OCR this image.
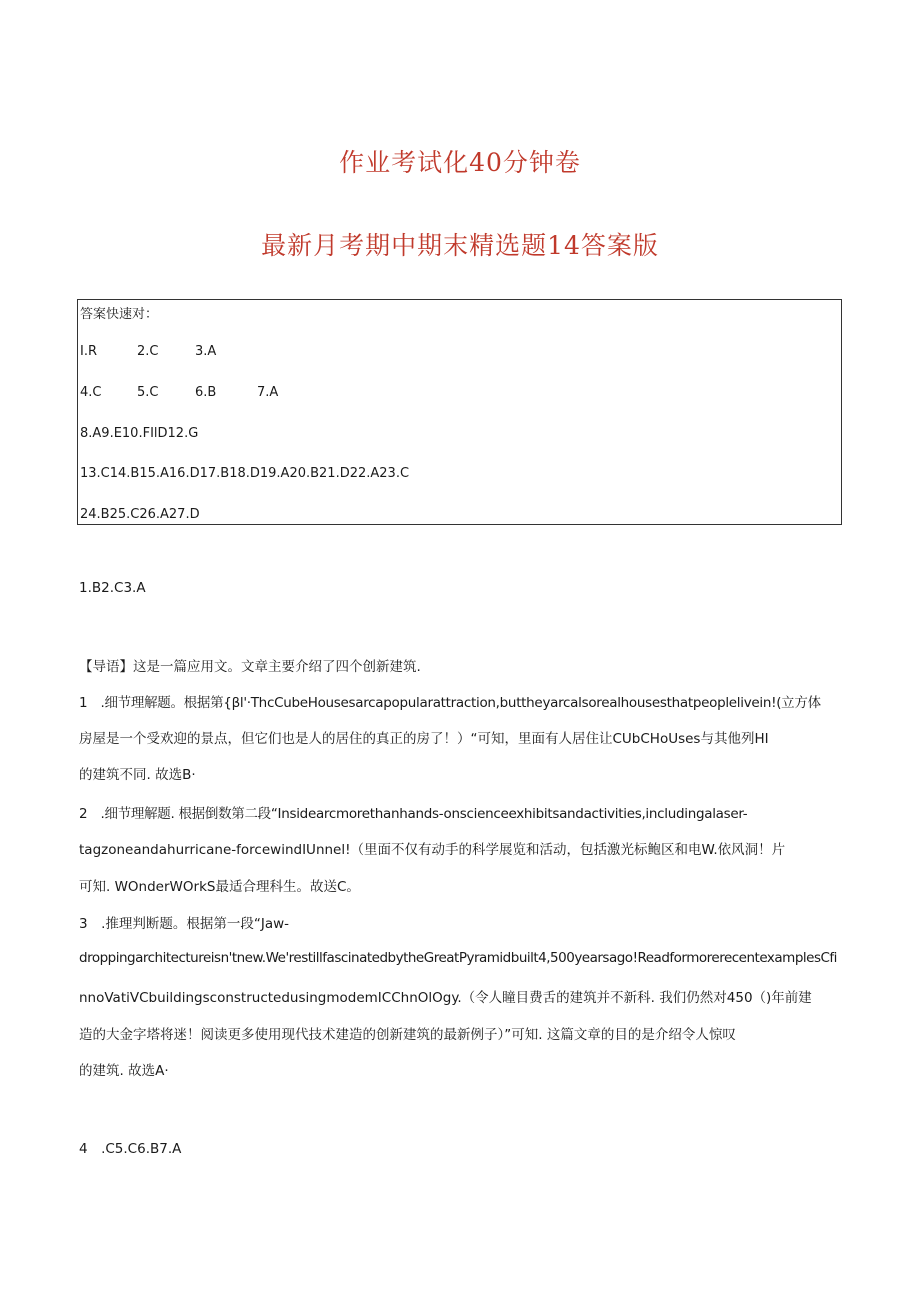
作业考试化40分钟卷
最新月考期中期末精选题14答案版
答案快速对：
I.R	2.C	3.A
4.C	5.C	6.B	7.A
8.A9.E10.FIlD12.G
13.C14.B15.A16.D17.B18.D19.A20.B21.D22.A23.C
24.B25.C26.A27.D
1.B2.C3.A
【导语】这是一篇应用文。文章主要介绍了四个创新建筑.
1　.细节理解题。根据第{βl'·ThcCubeHousesarcapopularattraction,buttheyarcalsorealhousesthatpeoplelivein!(立方体
房屋是一个受欢迎的景点，但它们也是人的居住的真正的房了！）“可知，里面有人居住让CUbCHoUses与其他列HI
的建筑不同. 故选B·
2　.细节理解题. 根据倒数第二段“Insidearcmorethanhands-onscienceexhibitsandactivities,includingalaser-
tagzoneandahurricane-forcewindIUnnel!（里面不仅有动手的科学展览和活动，包括激光标鲍区和电W.依风洞！片
可知. WOnderWOrkS最适合理科生。故送C。
3　.推理判断题。根据第一段“Jaw-
droppingarchitectureisn'tnew.We'restillfascinatedbytheGreatPyramidbuilt4,500yearsago!ReadformorerecentexamplesCfi
nnoVatiVCbuildingsconstructedusingmodemICChnOlOgy.（令人瞳目费舌的建筑并不新科. 我们仍然对450（)年前建
造的大金字塔将迷！阅读更多使用现代技术建造的创新建筑的最新例子）”可知. 这篇文章的目的是介绍令人惊叹
的建筑. 故选A·
4　.C5.C6.B7.A
